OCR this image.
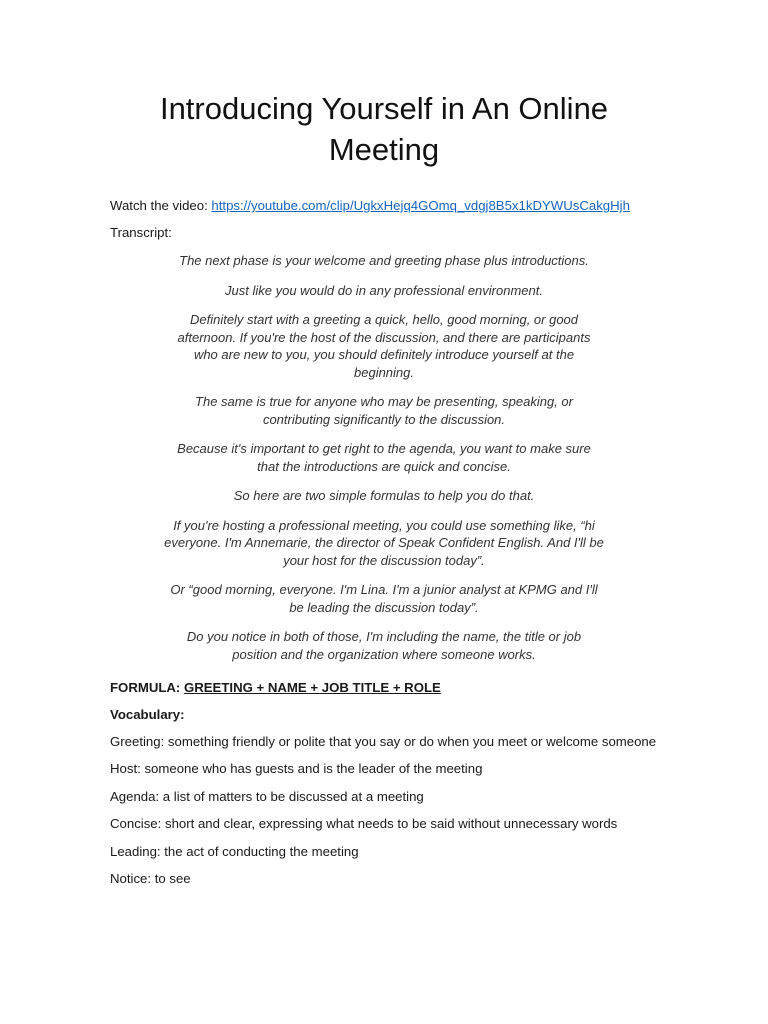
Introducing Yourself in An Online
Meeting

Watch the video: https://youtube.com/clip/UgkxHejq4GOmq_vdgj8B5x1kDYWUsCakgHjh

Transcript:

The next phase is your welcome and greeting phase plus introductions.

Just like you would do in any professional environment.

Definitely start with a greeting a quick, hello, good morning, or good
afternoon. If you're the host of the discussion, and there are participants
who are new to you, you should definitely introduce yourself at the
beginning.

The same is true for anyone who may be presenting, speaking, or
contributing significantly to the discussion.

Because it's important to get right to the agenda, you want to make sure
that the introductions are quick and concise.

So here are two simple formulas to help you do that.

If you're hosting a professional meeting, you could use something like, “hi
everyone. I'm Annemarie, the director of Speak Confident English. And I'll be
your host for the discussion today”.

Or “good morning, everyone. I'm Lina. I'm a junior analyst at KPMG and I'll
be leading the discussion today”.

Do you notice in both of those, I'm including the name, the title or job
position and the organization where someone works.

FORMULA: GREETING + NAME + JOB TITLE + ROLE

Vocabulary:

Greeting: something friendly or polite that you say or do when you meet or welcome someone

Host: someone who has guests and is the leader of the meeting

Agenda: a list of matters to be discussed at a meeting

Concise: short and clear, expressing what needs to be said without unnecessary words

Leading: the act of conducting the meeting

Notice: to see
